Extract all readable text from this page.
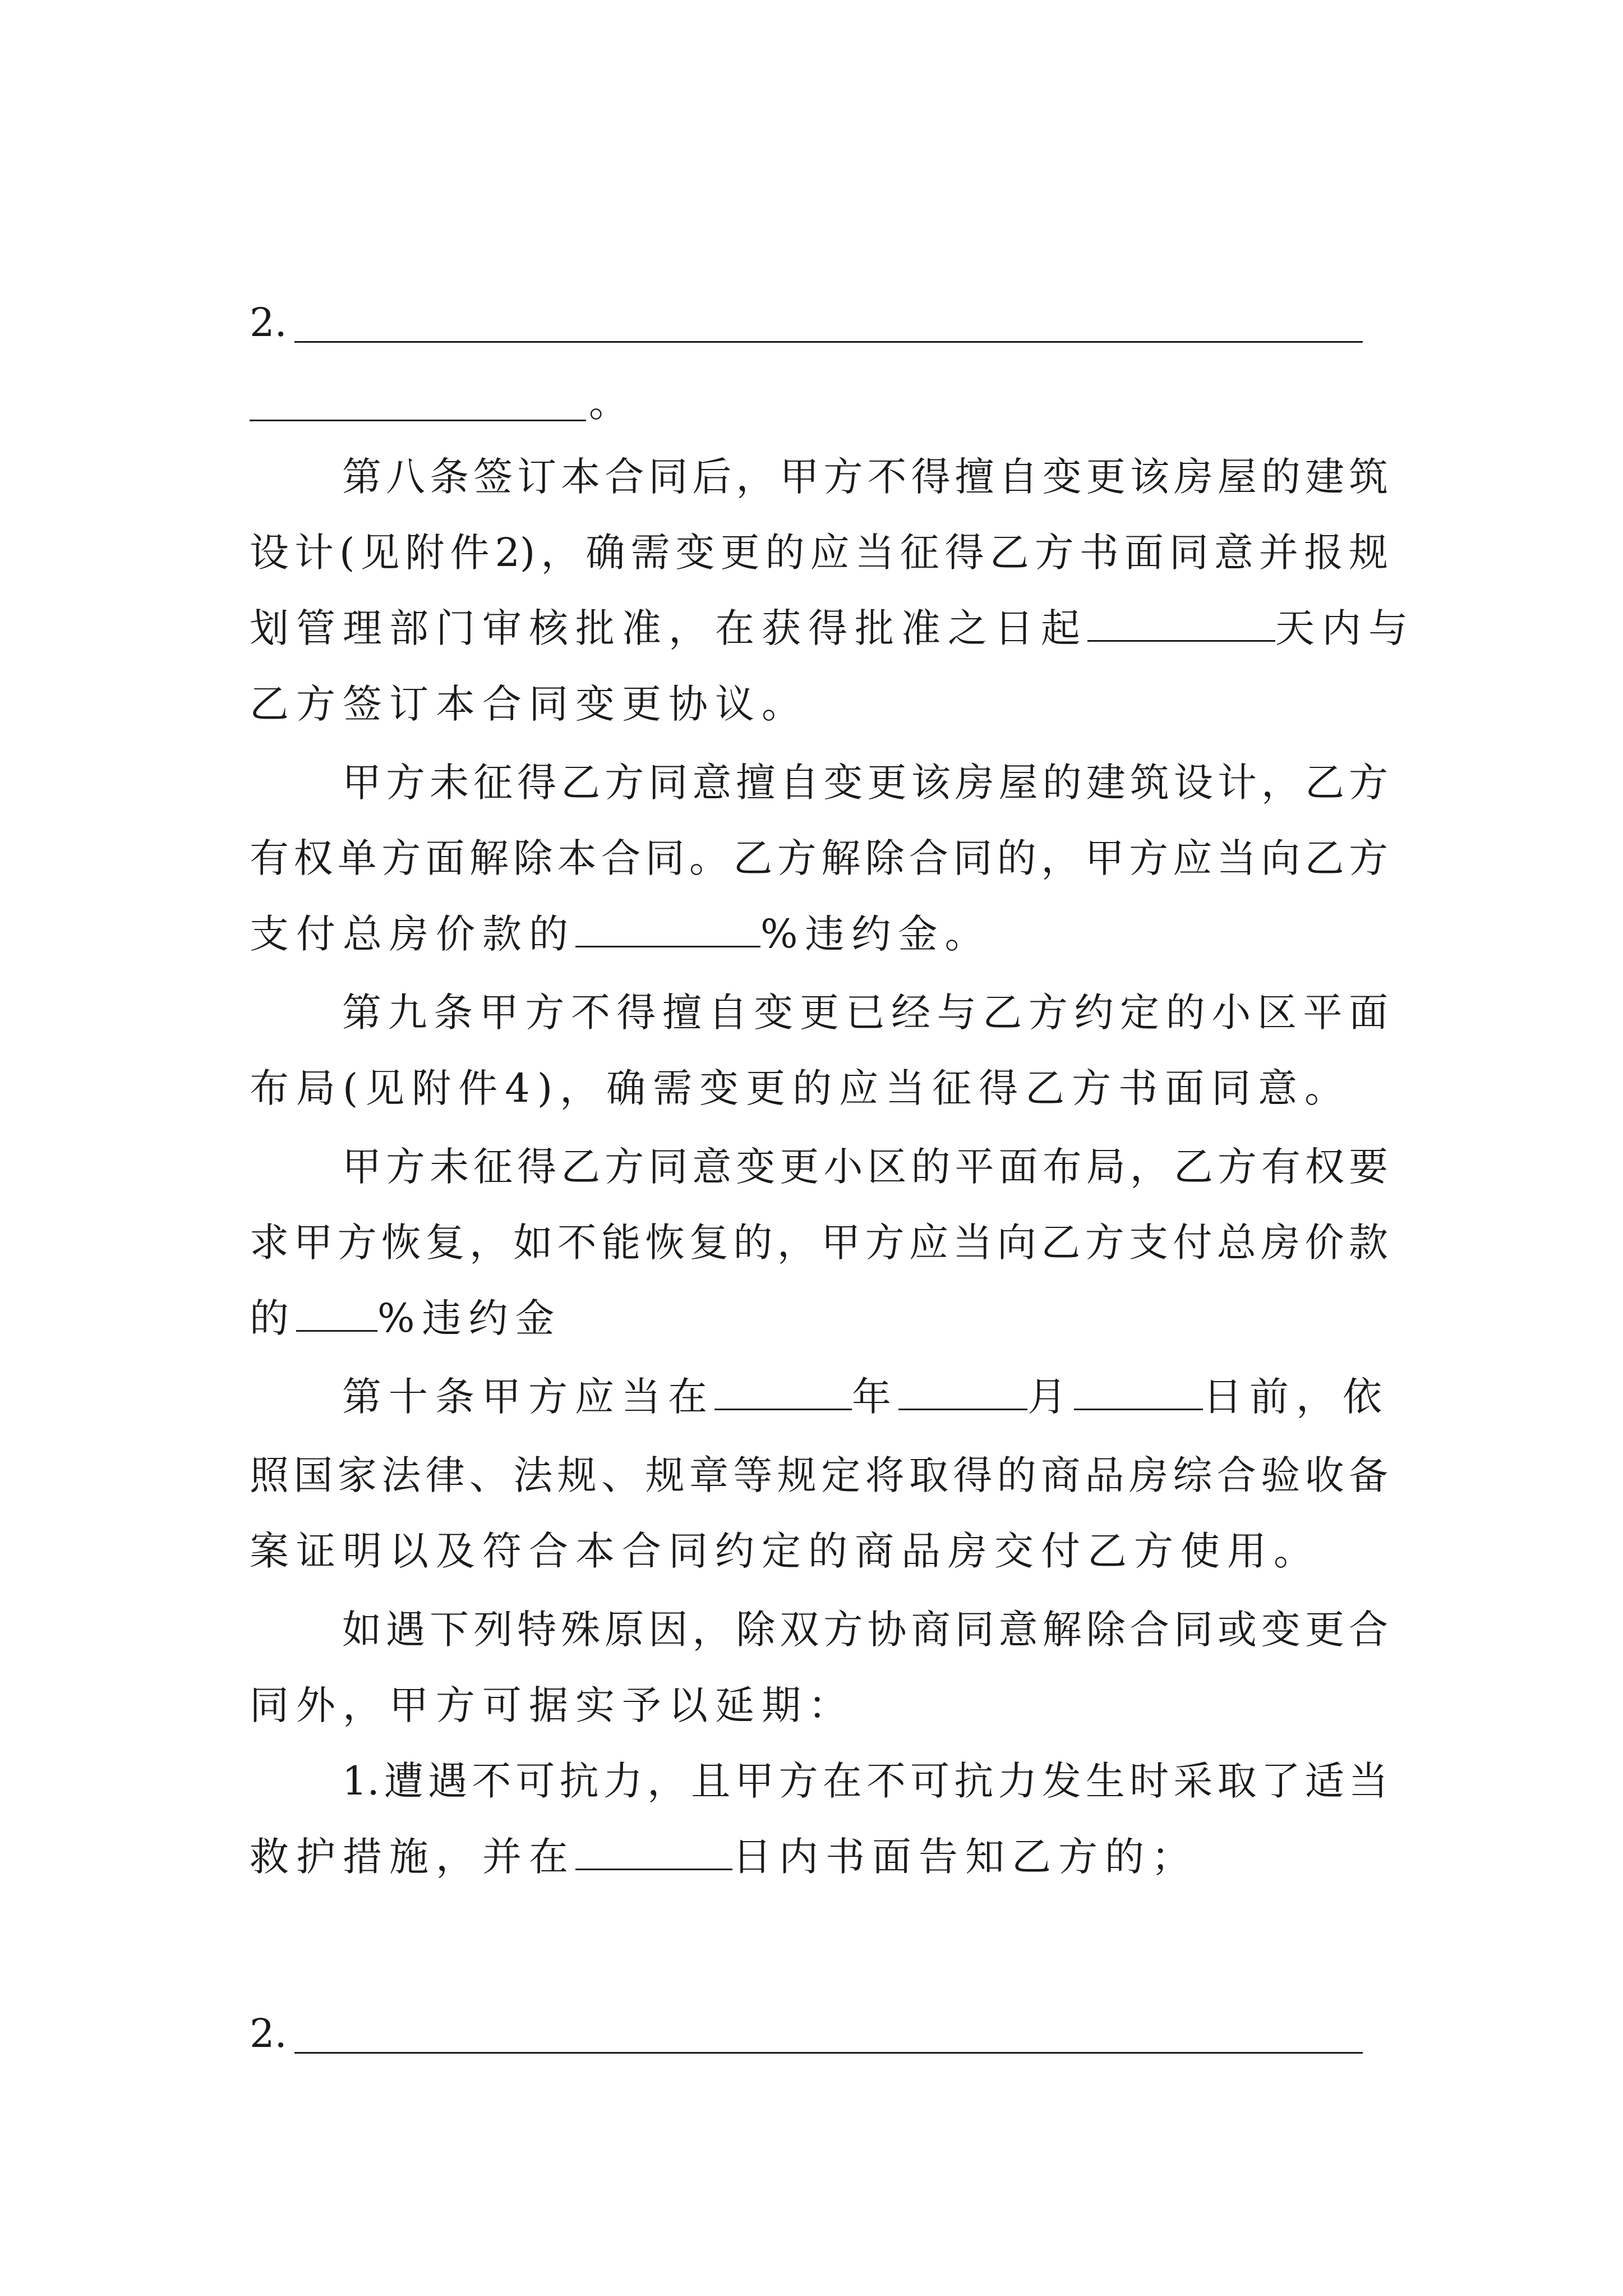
2.
。
第八条签订本合同后，甲方不得擅自变更该房屋的建筑
设计(见附件2)，确需变更的应当征得乙方书面同意并报规
划管理部门审核批准，在获得批准之日起	天内与
乙方签订本合同变更协议。
甲方未征得乙方同意擅自变更该房屋的建筑设计，乙方
有权单方面解除本合同。乙方解除合同的，甲方应当向乙方
支付总房价款的	%违约金。
第九条甲方不得擅自变更已经与乙方约定的小区平面
布局(见附件4)，确需变更的应当征得乙方书面同意。
甲方未征得乙方同意变更小区的平面布局，乙方有权要
求甲方恢复，如不能恢复的，甲方应当向乙方支付总房价款
的 %违约金
第十条甲方应当在	年	月	日前，依
照国家法律、法规、规章等规定将取得的商品房综合验收备
案证明以及符合本合同约定的商品房交付乙方使用。
如遇下列特殊原因，除双方协商同意解除合同或变更合
同外，甲方可据实予以延期：
1.遭遇不可抗力，且甲方在不可抗力发生时采取了适当
救护措施，并在	日内书面告知乙方的；
2.
